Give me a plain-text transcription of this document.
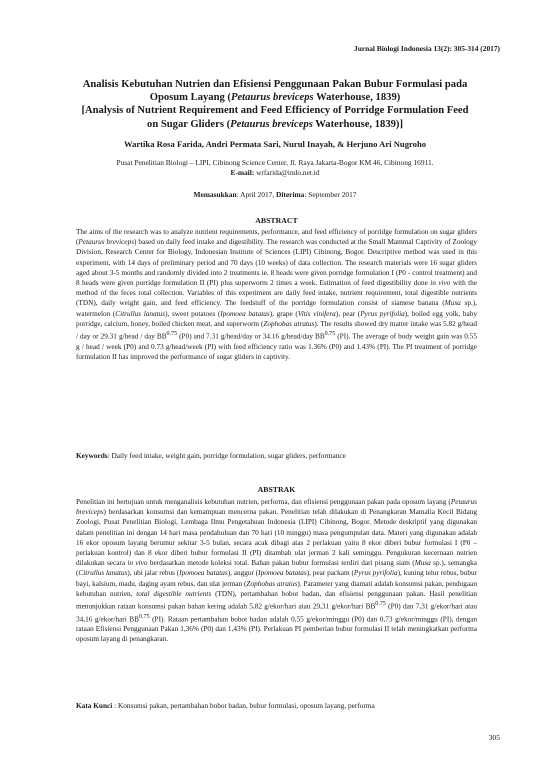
Jurnal Biologi Indonesia 13(2): 305-314 (2017)
Analisis Kebutuhan Nutrien dan Efisiensi Penggunaan Pakan Bubur Formulasi pada
Oposum Layang (Petaurus breviceps Waterhouse, 1839)
[Analysis of Nutrient Requirement and Feed Efficiency of Porridge Formulation Feed
on Sugar Gliders (Petaurus breviceps Waterhouse, 1839)]
Wartika Rosa Farida, Andri Permata Sari, Nurul Inayah, & Herjuno Ari Nugroho
Pusat Penelitian Biologi – LIPI, Cibinong Science Center, Jl. Raya Jakarta-Bogor KM 46, Cibinong 16911.
E-mail: wrfarida@indo.net.id
Memasukkan: April 2017, Diterima: September 2017
ABSTRACT
The aims of the research was to analyze nutrient requirements, performance, and feed efficiency of porridge formulation on sugar gliders (Petaurus breviceps) based on daily feed intake and digestibility. The research was conducted at the Small Mammal Captivity of Zoology Division, Research Center for Biology, Indonesian Institute of Sciences (LIPI) Cibinong, Bogor. Descriptive method was used in this experiment, with 14 days of preliminary period and 70 days (10 weeks) of data collection. The research materials were 16 sugar gliders aged about 3-5 months and randomly divided into 2 treatments ie. 8 heads were given porridge formulation I (P0 - control treatment) and 8 heads were given porridge formulation II (PI) plus superworm 2 times a week. Estimation of feed digestibility done in vivo with the method of the feces total collection. Variables of this experiment are daily feed intake, nutrient requirement, total digestible nutrients (TDN), daily weight gain, and feed efficiency. The feedstuff of the porridge formulation consist of siamese banana (Musa sp.), watermelon (Citrullus lanatus), sweet potatoes (Ipomoea batatas), grape (Vitis vinifera), pear (Pyrus pyrifolia), boiled egg yolk, baby porridge, calcium, honey, boiled chicken meat, and superworm (Zophobas atratus). The results showed dry matter intake was 5.82 g/head / day or 29.31 g/head / day $BB^{0.75}$ (P0) and 7.31 g/head/day or 34.16 g/head/day $BB^{0.75}$ (PI). The average of body weight gain was 0.55 g / head / week (P0) and 0.73 g/head/week (PI) with feed efficiency ratio was 1.36% (P0) and 1.43% (PI). The PI treatment of porridge formulation II has improved the performance of sugar gliders in captivity.
Keywords: Daily feed intake, weight gain, porridge formulation, sugar gliders, performance
ABSTRAK
Penelitian ini bertujuan untuk menganalisis kebutuhan nutrien, performa, dan efisiensi penggunaan pakan pada oposum layang (Petaurus breviceps) berdasarkan konsumsi dan kemampuan mencerna pakan. Penelitian telah dilakukan di Penangkaran Mamalia Kecil Bidang Zoologi, Pusat Penelitian Biologi, Lembaga Ilmu Pengetahuan Indonesia (LIPI) Cibinong, Bogor. Metode deskriptif yang digunakan dalam penelitian ini dengan 14 hari masa pendahuluan dan 70 hari (10 minggu) masa pengumpulan data. Materi yang digunakan adalah 16 ekor oposum layang berumur sekitar 3-5 bulan, secara acak dibagi atas 2 perlakuan yaitu 8 ekor diberi bubur formulasi I (P0 – perlakuan kontrol) dan 8 ekor diberi bubur formulasi II (PI) ditambah ulat jerman 2 kali seminggu. Pengukuran kecernaan nutrien dilakukan secara in vivo berdasarkan metode koleksi total. Bahan pakan bubur formulasi terdiri dari pisang siam (Musa sp.), semangka (Citrullus lanatus), ubi jalar rebus (Ipomoea batatas), anggur (Ipomoea batatas), pear packam (Pyrus pyrifolia), kuning telur rebus, bubur bayi, kalsium, madu, daging ayam rebus, dan ulat jerman (Zophobas atratus). Parameter yang diamati adalah konsumsi pakan, pendugaan kebutuhan nutrien, total digestible nutrients (TDN), pertambahan bobot badan, dan efisiensi penggunaan pakan. Hasil penelitian menunjukkan rataan konsumsi pakan bahan kering adalah 5,82 g/ekor/hari atau 29,31 g/ekor/hari $BB^{0.75}$ (P0) dan 7,31 g/ekor/hari atau 34,16 g/ekor/hari $BB^{0.75}$ (PI). Rataan pertambahan bobot badan adalah 0,55 g/ekor/minggu (P0) dan 0,73 g/ekor/minggu (PI), dengan rataan Efisiensi Penggunaan Pakan 1,36% (P0) dan 1,43% (PI). Perlakuan PI pemberian bubur formulasi II telah meningkatkan performa oposum layang di penangkaran.
Kata Kunci : Konsumsi pakan, pertambahan bobot badan, bubur formulasi, oposum layang, performa
305
